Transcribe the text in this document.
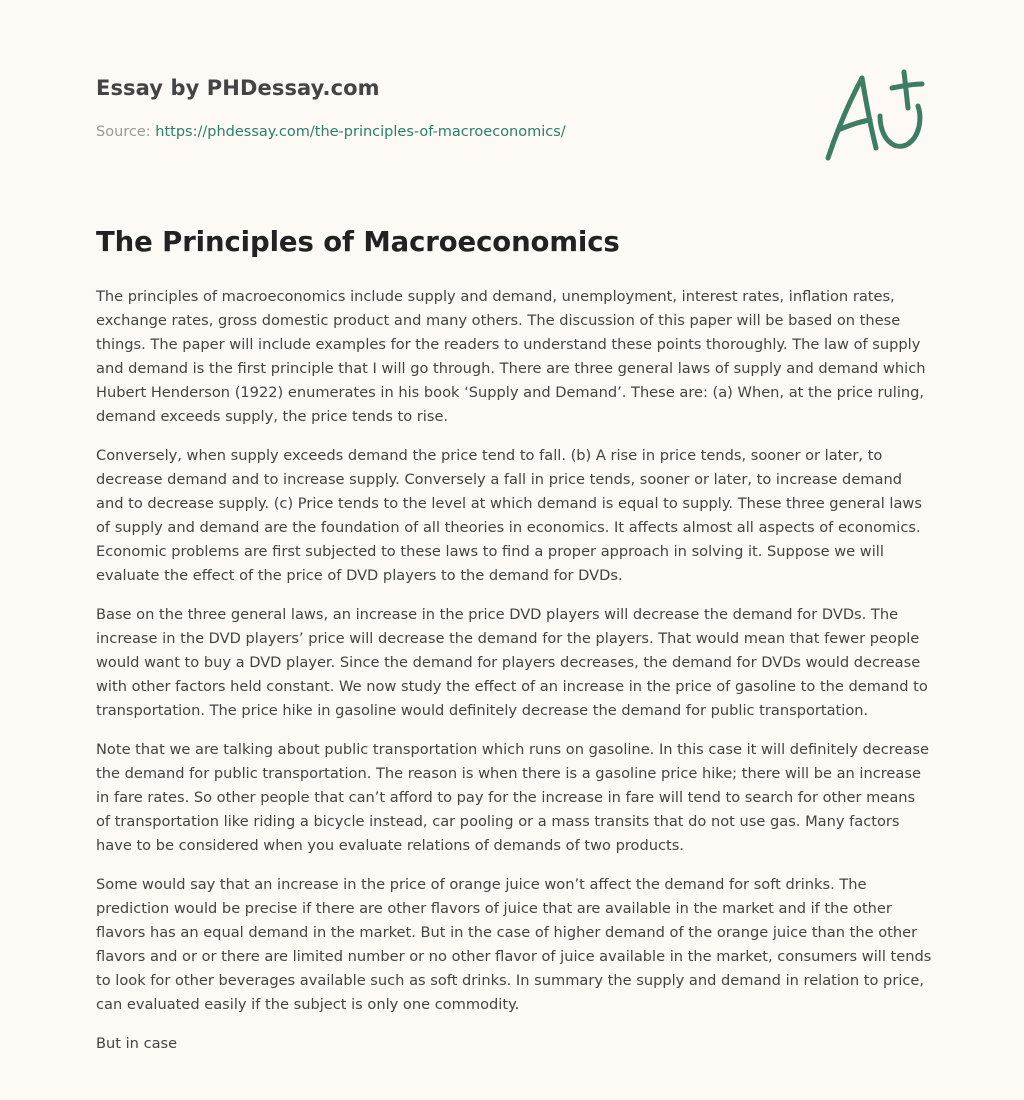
Essay by PHDessay.com

Source: https://phdessay.com/the-principles-of-macroeconomics/

The Principles of Macroeconomics

The principles of macroeconomics include supply and demand, unemployment, interest rates, inflation rates, exchange rates, gross domestic product and many others. The discussion of this paper will be based on these things. The paper will include examples for the readers to understand these points thoroughly. The law of supply and demand is the first principle that I will go through. There are three general laws of supply and demand which Hubert Henderson (1922) enumerates in his book ‘Supply and Demand’. These are: (a) When, at the price ruling, demand exceeds supply, the price tends to rise.

Conversely, when supply exceeds demand the price tend to fall. (b) A rise in price tends, sooner or later, to decrease demand and to increase supply. Conversely a fall in price tends, sooner or later, to increase demand and to decrease supply. (c) Price tends to the level at which demand is equal to supply. These three general laws of supply and demand are the foundation of all theories in economics. It affects almost all aspects of economics. Economic problems are first subjected to these laws to find a proper approach in solving it. Suppose we will evaluate the effect of the price of DVD players to the demand for DVDs.

Base on the three general laws, an increase in the price DVD players will decrease the demand for DVDs. The increase in the DVD players’ price will decrease the demand for the players. That would mean that fewer people would want to buy a DVD player. Since the demand for players decreases, the demand for DVDs would decrease with other factors held constant. We now study the effect of an increase in the price of gasoline to the demand to transportation. The price hike in gasoline would definitely decrease the demand for public transportation.

Note that we are talking about public transportation which runs on gasoline. In this case it will definitely decrease the demand for public transportation. The reason is when there is a gasoline price hike; there will be an increase in fare rates. So other people that can’t afford to pay for the increase in fare will tend to search for other means of transportation like riding a bicycle instead, car pooling or a mass transits that do not use gas. Many factors have to be considered when you evaluate relations of demands of two products.

Some would say that an increase in the price of orange juice won’t affect the demand for soft drinks. The prediction would be precise if there are other flavors of juice that are available in the market and if the other flavors has an equal demand in the market. But in the case of higher demand of the orange juice than the other flavors and or or there are limited number or no other flavor of juice available in the market, consumers will tends to look for other beverages available such as soft drinks. In summary the supply and demand in relation to price, can evaluated easily if the subject is only one commodity.

But in case
